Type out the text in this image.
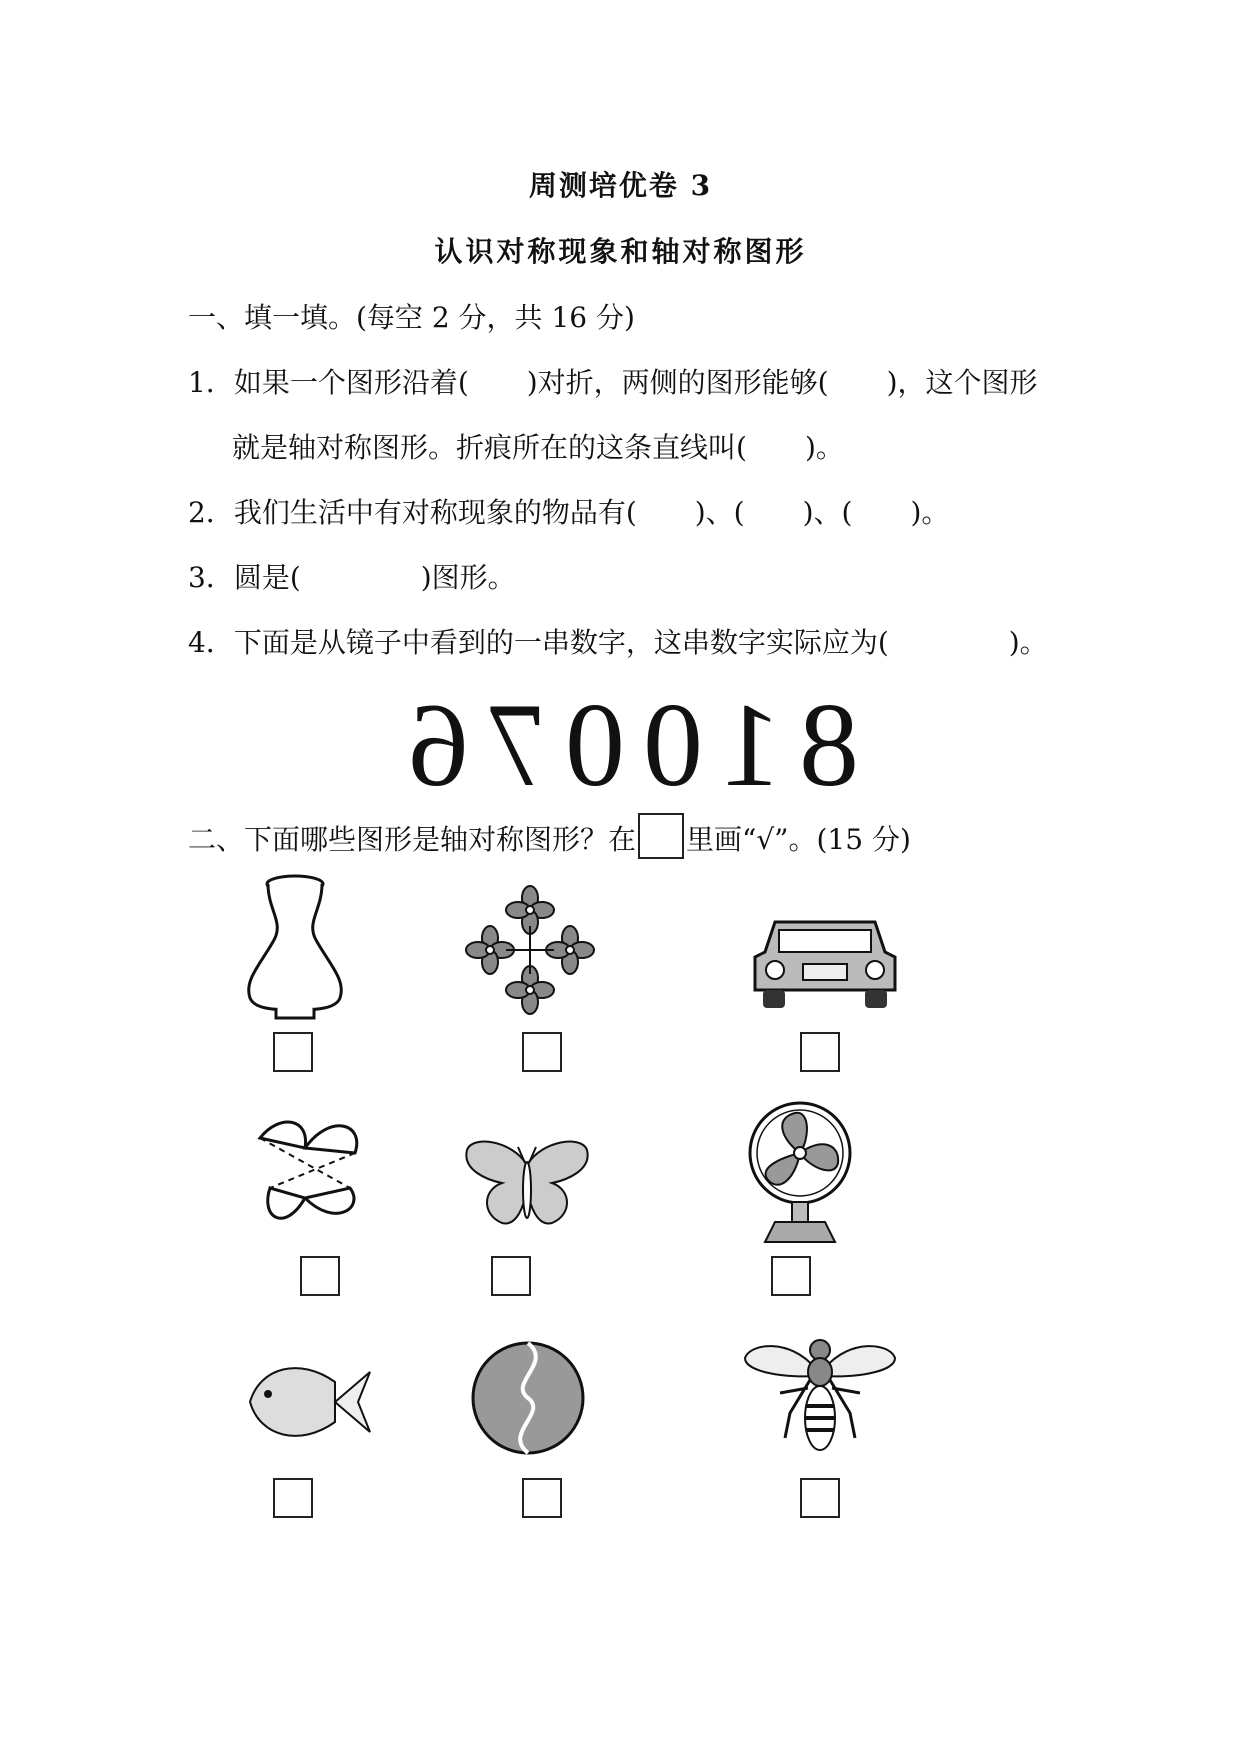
周测培优卷 3
认识对称现象和轴对称图形
一、填一填。(每空 2 分，共 16 分)
1．如果一个图形沿着( )对折，两侧的图形能够( )，这个图形
就是轴对称图形。折痕所在的这条直线叫( )。
2．我们生活中有对称现象的物品有( )、( )、( )。
3．圆是(	)图形。
4．下面是从镜子中看到的一串数字，这串数字实际应为(	)。
810076
二、下面哪些图形是轴对称图形？在 里画“√”。(15 分)
